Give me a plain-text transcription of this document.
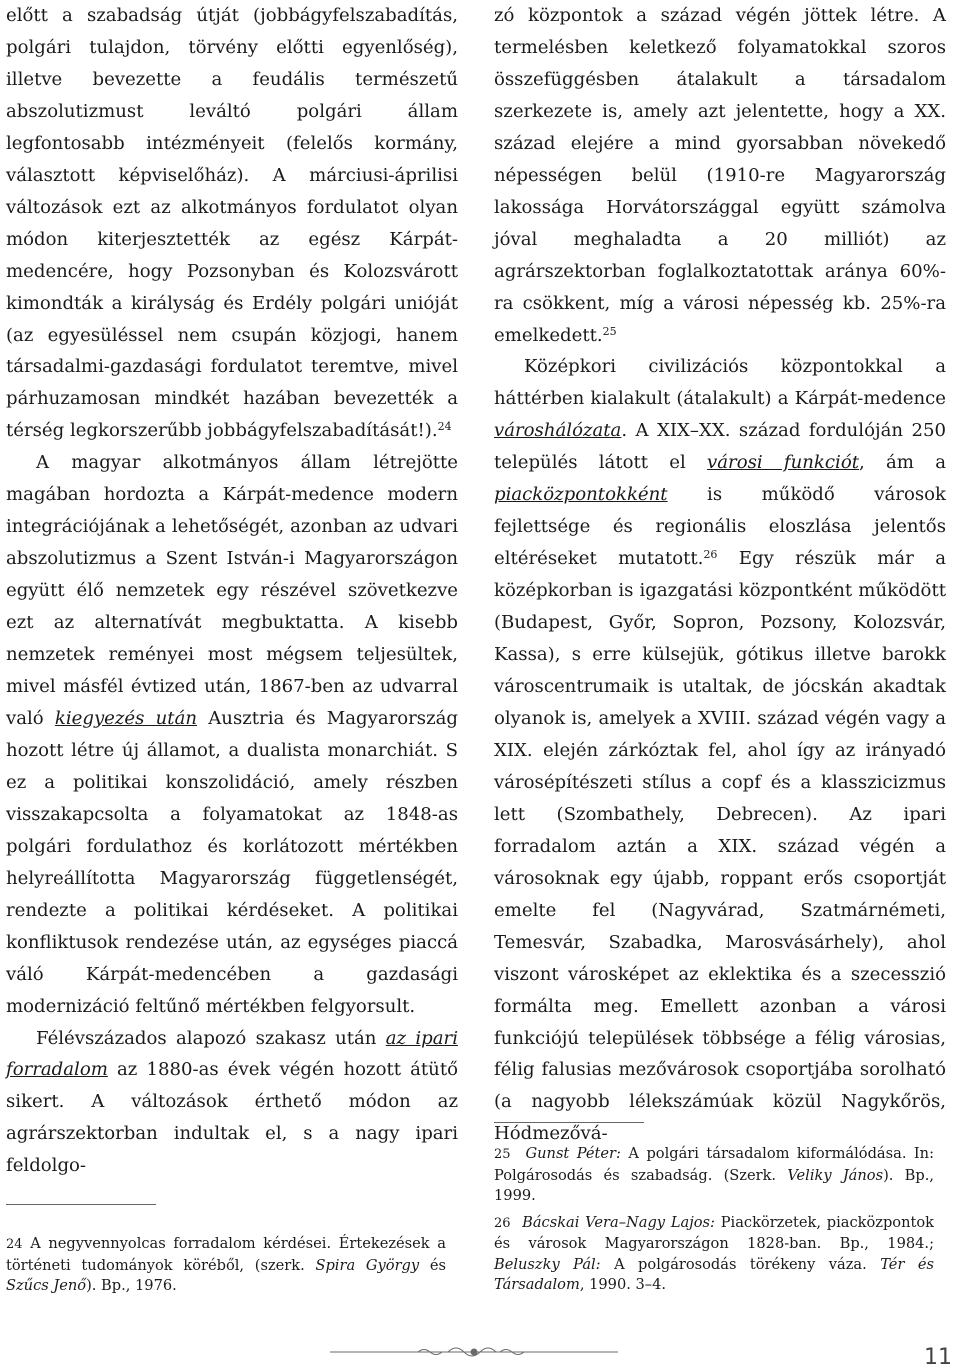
előtt a szabadság útját (jobbágyfelszabadítás, polgári tulajdon, törvény előtti egyenlőség), illetve bevezette a feudális természetű abszolutizmust leváltó polgári állam legfontosabb intézményeit (felelős kormány, választott képviselőház). A márciusi-áprilisi változások ezt az alkotmányos fordulatot olyan módon kiterjesztették az egész Kárpát-medencére, hogy Pozsonyban és Kolozsvárott kimondták a királyság és Erdély polgári unióját (az egyesüléssel nem csupán közjogi, hanem társadalmi-gazdasági fordulatot teremtve, mivel párhuzamosan mindkét hazában bevezették a térség legkorszerűbb jobbágyfelszabadítását!).$^{24}$

A magyar alkotmányos állam létrejötte magában hordozta a Kárpát-medence modern integrációjának a lehetőségét, azonban az udvari abszolutizmus a Szent István-i Magyarországon együtt élő nemzetek egy részével szövetkezve ezt az alternatívát megbuktatta. A kisebb nemzetek reményei most mégsem teljesültek, mivel másfél évtized után, 1867-ben az udvarral való kiegyezés után Ausztria és Magyarország hozott létre új államot, a dualista monarchiát. S ez a politikai konszolidáció, amely részben visszakapcsolta a folyamatokat az 1848-as polgári fordulathoz és korlátozott mértékben helyreállította Magyarország függetlenségét, rendezte a politikai kérdéseket. A politikai konfliktusok rendezése után, az egységes piaccá váló Kárpát-medencében a gazdasági modernizáció feltűnő mértékben felgyorsult.

Félévszázados alapozó szakasz után az ipari forradalom az 1880-as évek végén hozott átütő sikert. A változások érthető módon az agrárszektorban indultak el, s a nagy ipari feldolgo-

zó központok a század végén jöttek létre. A termelésben keletkező folyamatokkal szoros összefüggésben átalakult a társadalom szerkezete is, amely azt jelentette, hogy a XX. század elejére a mind gyorsabban növekedő népességen belül (1910-re Magyarország lakossága Horvátországgal együtt számolva jóval meghaladta a 20 milliót) az agrárszektorban foglalkoztatottak aránya 60%-ra csökkent, míg a városi népesség kb. 25%-ra emelkedett.$^{25}$

Középkori civilizációs központokkal a háttérben kialakult (átalakult) a Kárpát-medence városhálózata. A XIX–XX. század fordulóján 250 település látott el városi funkciót, ám a piacközpontokként is működő városok fejlettsége és regionális eloszlása jelentős eltéréseket mutatott.$^{26}$ Egy részük már a középkorban is igazgatási központként működött (Budapest, Győr, Sopron, Pozsony, Kolozsvár, Kassa), s erre külsejük, gótikus illetve barokk városcentrumaik is utaltak, de jócskán akadtak olyanok is, amelyek a XVIII. század végén vagy a XIX. elején zárkóztak fel, ahol így az irányadó városépítészeti stílus a copf és a klasszicizmus lett (Szombathely, Debrecen). Az ipari forradalom aztán a XIX. század végén a városoknak egy újabb, roppant erős csoportját emelte fel (Nagyvárad, Szatmárnémeti, Temesvár, Szabadka, Marosvásárhely), ahol viszont városképet az eklektika és a szecesszió formálta meg. Emellett azonban a városi funkciójú települések többsége a félig városias, félig falusias mezővárosok csoportjába sorolható (a nagyobb lélekszámúak közül Nagykőrös, Hódmezővá-

24 A negyvennyolcas forradalom kérdései. Értekezések a történeti tudományok köréből, (szerk. Spira György és Szűcs Jenő). Bp., 1976.

25 Gunst Péter: A polgári társadalom kiformálódása. In: Polgárosodás és szabadság. (Szerk. Veliky János). Bp., 1999.

26 Bácskai Vera–Nagy Lajos: Piackörzetek, piacközpontok és városok Magyarországon 1828-ban. Bp., 1984.; Beluszky Pál: A polgárosodás törékeny váza. Tér és Társadalom, 1990. 3–4.

11
